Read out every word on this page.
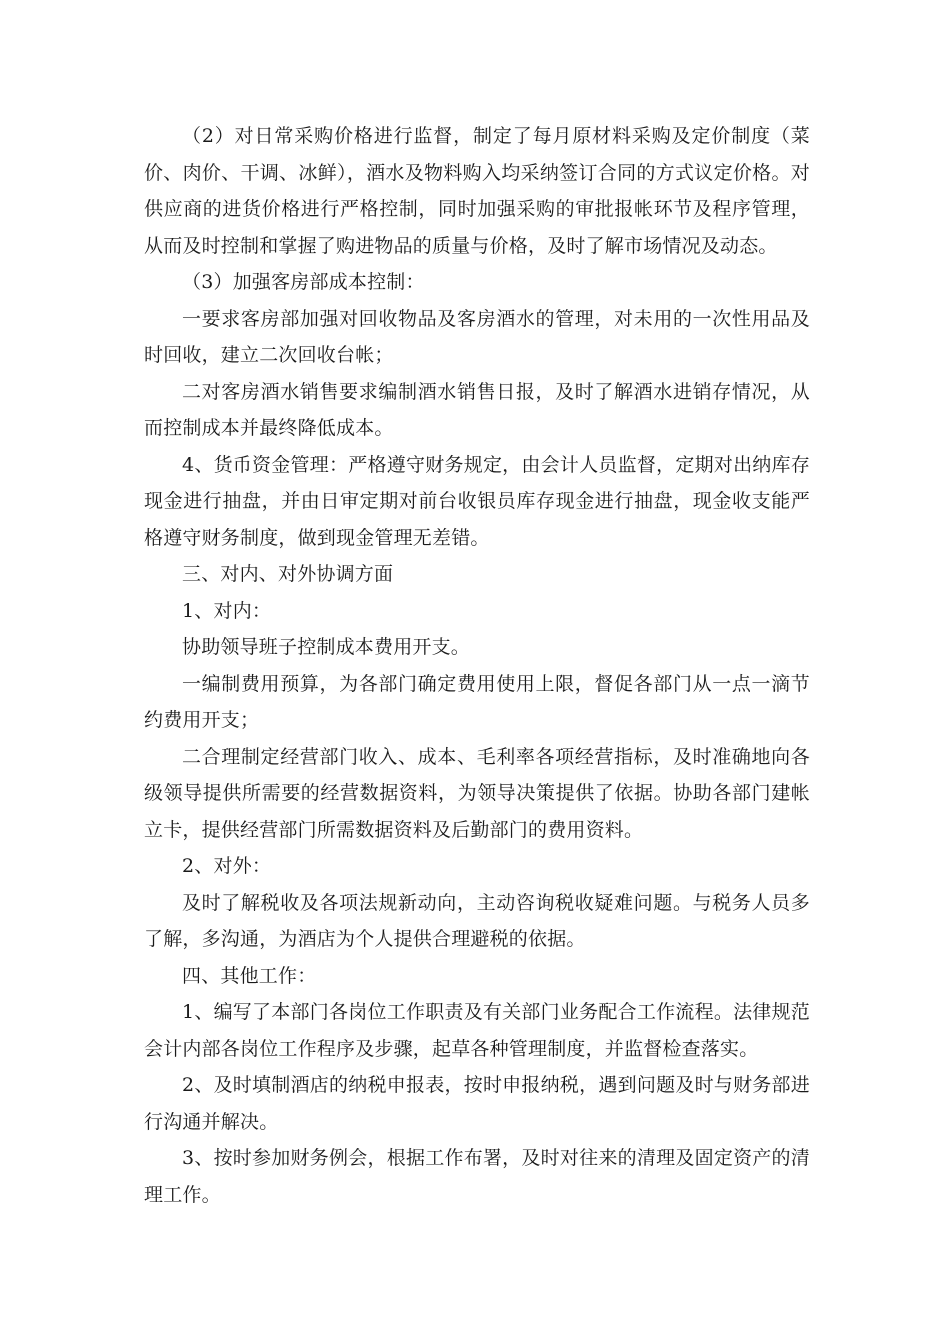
（2）对日常采购价格进行监督，制定了每月原材料采购及定价制度（菜价、肉价、干调、冰鲜），酒水及物料购入均采纳签订合同的方式议定价格。对供应商的进货价格进行严格控制，同时加强采购的审批报帐环节及程序管理，从而及时控制和掌握了购进物品的质量与价格，及时了解市场情况及动态。

（3）加强客房部成本控制：

一要求客房部加强对回收物品及客房酒水的管理，对未用的一次性用品及时回收，建立二次回收台帐；

二对客房酒水销售要求编制酒水销售日报，及时了解酒水进销存情况，从而控制成本并最终降低成本。

4、货币资金管理：严格遵守财务规定，由会计人员监督，定期对出纳库存现金进行抽盘，并由日审定期对前台收银员库存现金进行抽盘，现金收支能严格遵守财务制度，做到现金管理无差错。

三、对内、对外协调方面

1、对内：

协助领导班子控制成本费用开支。

一编制费用预算，为各部门确定费用使用上限，督促各部门从一点一滴节约费用开支；

二合理制定经营部门收入、成本、毛利率各项经营指标，及时准确地向各级领导提供所需要的经营数据资料，为领导决策提供了依据。协助各部门建帐立卡，提供经营部门所需数据资料及后勤部门的费用资料。

2、对外：

及时了解税收及各项法规新动向，主动咨询税收疑难问题。与税务人员多了解，多沟通，为酒店为个人提供合理避税的依据。

四、其他工作：

1、编写了本部门各岗位工作职责及有关部门业务配合工作流程。法律规范会计内部各岗位工作程序及步骤，起草各种管理制度，并监督检查落实。

2、及时填制酒店的纳税申报表，按时申报纳税，遇到问题及时与财务部进行沟通并解决。

3、按时参加财务例会，根据工作布署，及时对往来的清理及固定资产的清理工作。
